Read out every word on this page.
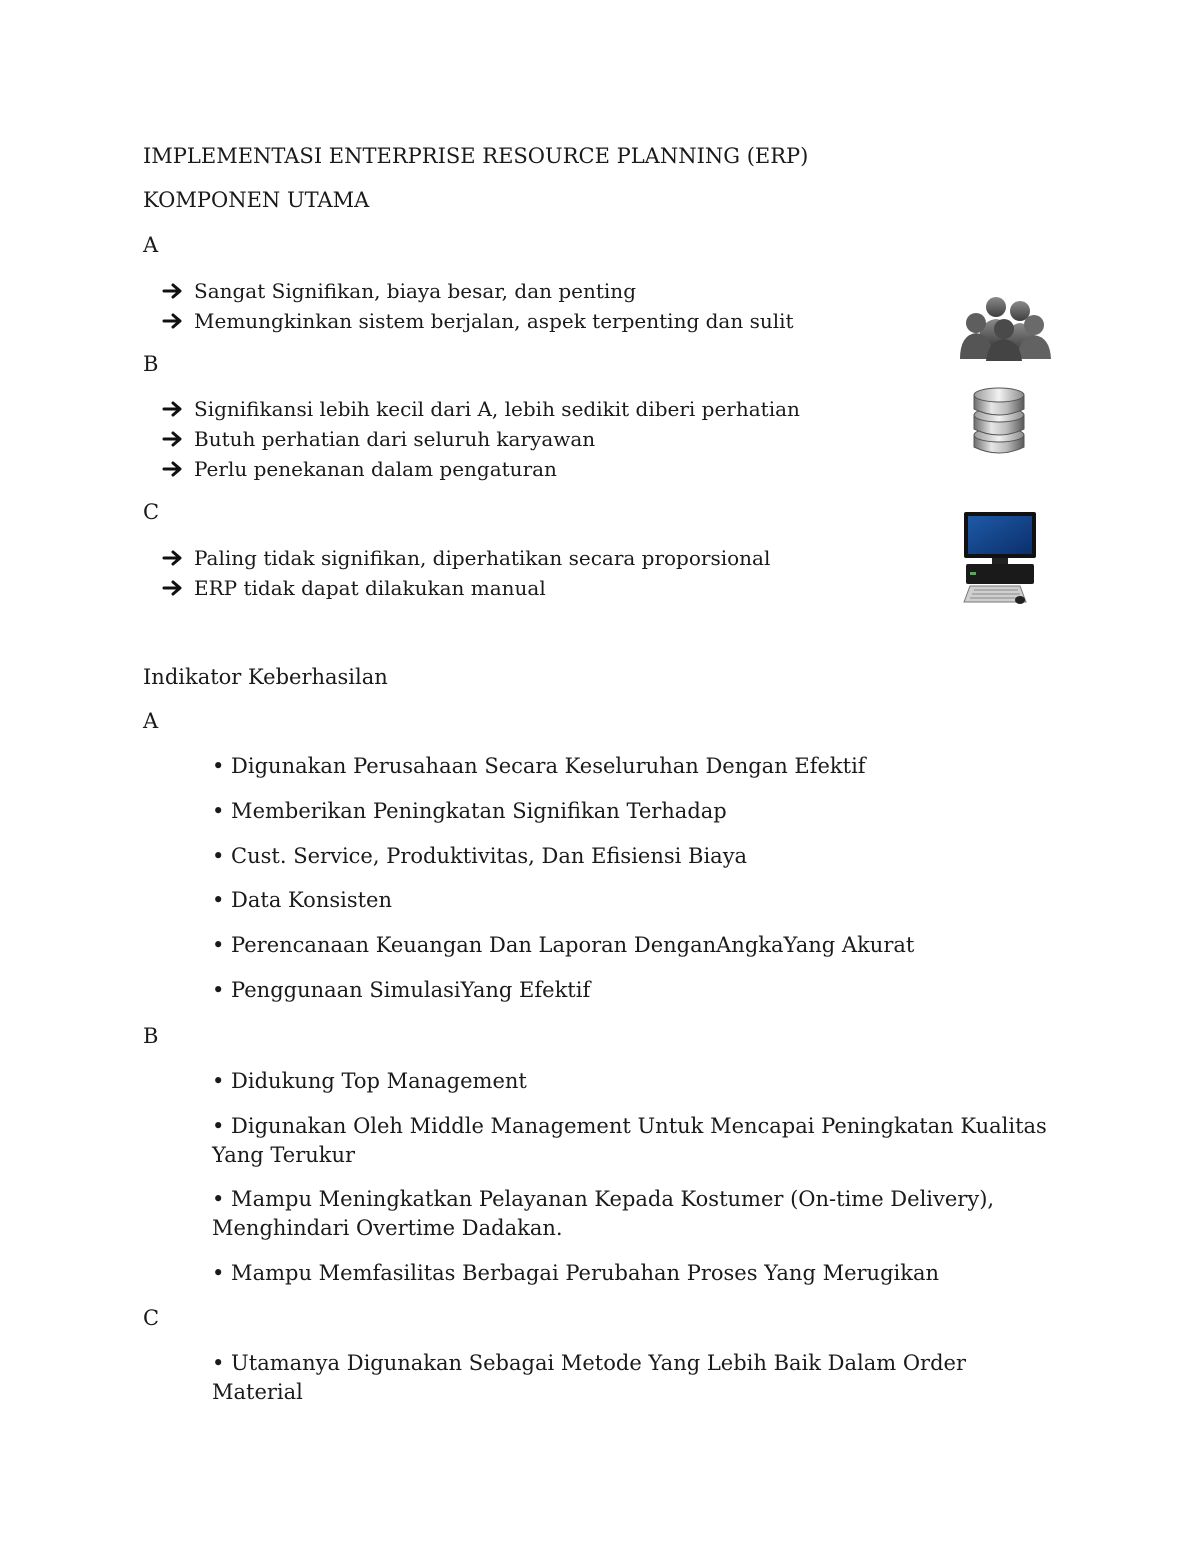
IMPLEMENTASI ENTERPRISE RESOURCE PLANNING (ERP)
KOMPONEN UTAMA
A
Sangat Signifikan, biaya besar, dan penting
Memungkinkan sistem berjalan, aspek terpenting dan sulit
B
Signifikansi lebih kecil dari A, lebih sedikit diberi perhatian
Butuh perhatian dari seluruh karyawan
Perlu penekanan dalam pengaturan
C
Paling tidak signifikan, diperhatikan secara proporsional
ERP tidak dapat dilakukan manual
Indikator Keberhasilan
A
• Digunakan Perusahaan Secara Keseluruhan Dengan Efektif
• Memberikan Peningkatan Signifikan Terhadap
• Cust. Service, Produktivitas, Dan Efisiensi Biaya
• Data Konsisten
• Perencanaan Keuangan Dan Laporan DenganAngkaYang Akurat
• Penggunaan SimulasiYang Efektif
B
• Didukung Top Management
• Digunakan Oleh Middle Management Untuk Mencapai Peningkatan Kualitas Yang Terukur
• Mampu Meningkatkan Pelayanan Kepada Kostumer (On-time Delivery), Menghindari Overtime Dadakan.
• Mampu Memfasilitas Berbagai Perubahan Proses Yang Merugikan
C
• Utamanya Digunakan Sebagai Metode Yang Lebih Baik Dalam Order Material
